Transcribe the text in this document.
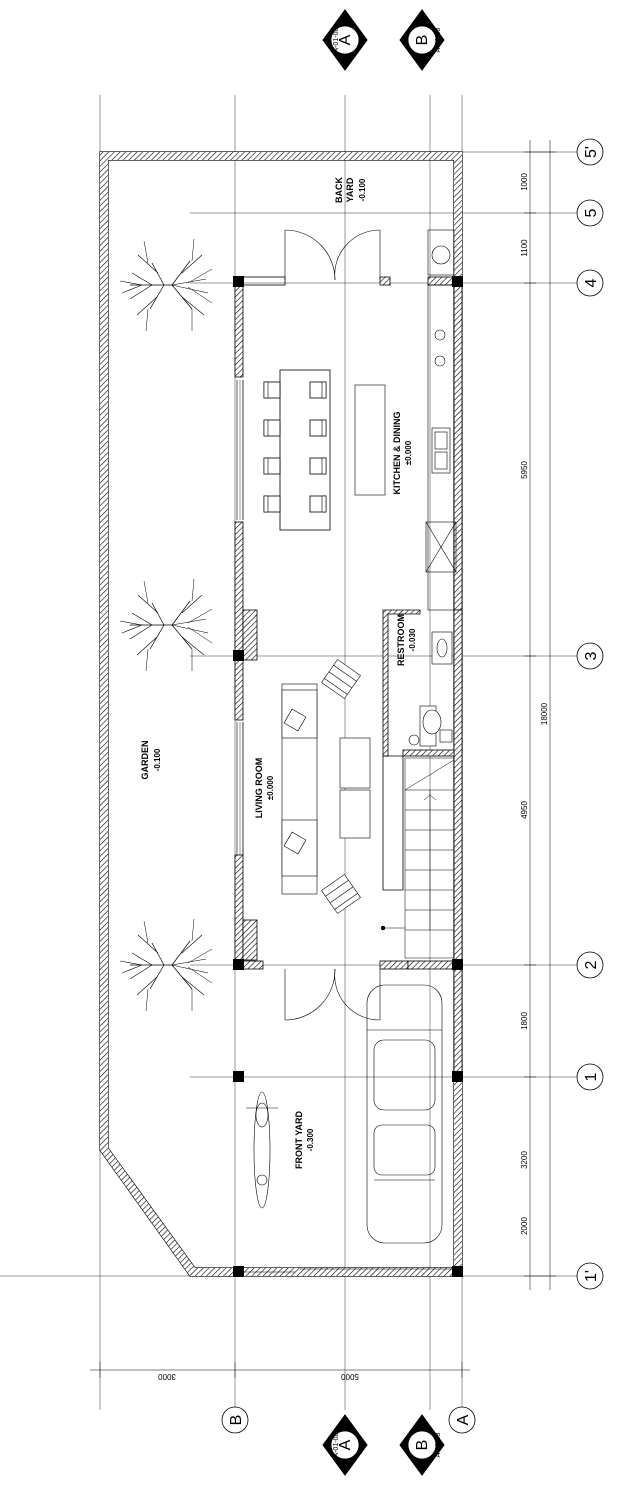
GARDEN -0.100	LIVING ROOM ±0.000
KITCHEN & DINING ±0.000
RESTROOM -0.030
BACK YARD -0.100
FRONT YARD -0.300
1000
1100
5950
4950
1800
3200
2000
18000
3000	5000
5'
5
4
3
2
1
1'
B	A
A
A-01-08	B A-01-08
A
A-01-08	B A-01-08
